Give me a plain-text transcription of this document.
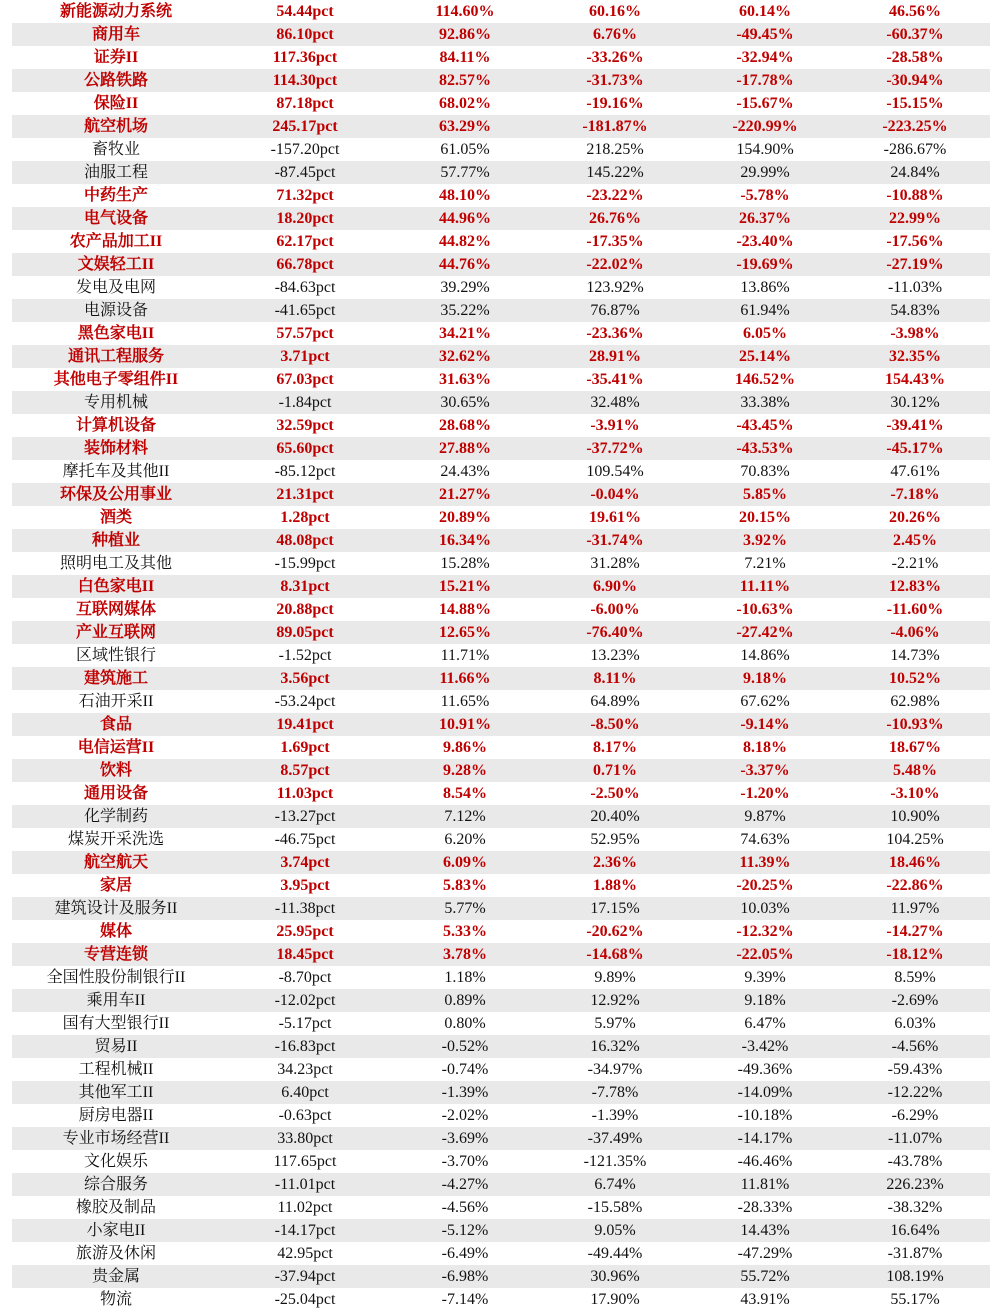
新能源动力系统	54.44pct	114.60%	60.16%	60.14%	46.56%
商用车	86.10pct	92.86%	6.76%	-49.45%	-60.37%
证券II	117.36pct	84.11%	-33.26%	-32.94%	-28.58%
公路铁路	114.30pct	82.57%	-31.73%	-17.78%	-30.94%
保险II	87.18pct	68.02%	-19.16%	-15.67%	-15.15%
航空机场	245.17pct	63.29%	-181.87%	-220.99%	-223.25%
畜牧业	-157.20pct	61.05%	218.25%	154.90%	-286.67%
油服工程	-87.45pct	57.77%	145.22%	29.99%	24.84%
中药生产	71.32pct	48.10%	-23.22%	-5.78%	-10.88%
电气设备	18.20pct	44.96%	26.76%	26.37%	22.99%
农产品加工II	62.17pct	44.82%	-17.35%	-23.40%	-17.56%
文娱轻工II	66.78pct	44.76%	-22.02%	-19.69%	-27.19%
发电及电网	-84.63pct	39.29%	123.92%	13.86%	-11.03%
电源设备	-41.65pct	35.22%	76.87%	61.94%	54.83%
黑色家电II	57.57pct	34.21%	-23.36%	6.05%	-3.98%
通讯工程服务	3.71pct	32.62%	28.91%	25.14%	32.35%
其他电子零组件II	67.03pct	31.63%	-35.41%	146.52%	154.43%
专用机械	-1.84pct	30.65%	32.48%	33.38%	30.12%
计算机设备	32.59pct	28.68%	-3.91%	-43.45%	-39.41%
装饰材料	65.60pct	27.88%	-37.72%	-43.53%	-45.17%
摩托车及其他II	-85.12pct	24.43%	109.54%	70.83%	47.61%
环保及公用事业	21.31pct	21.27%	-0.04%	5.85%	-7.18%
酒类	1.28pct	20.89%	19.61%	20.15%	20.26%
种植业	48.08pct	16.34%	-31.74%	3.92%	2.45%
照明电工及其他	-15.99pct	15.28%	31.28%	7.21%	-2.21%
白色家电II	8.31pct	15.21%	6.90%	11.11%	12.83%
互联网媒体	20.88pct	14.88%	-6.00%	-10.63%	-11.60%
产业互联网	89.05pct	12.65%	-76.40%	-27.42%	-4.06%
区域性银行	-1.52pct	11.71%	13.23%	14.86%	14.73%
建筑施工	3.56pct	11.66%	8.11%	9.18%	10.52%
石油开采II	-53.24pct	11.65%	64.89%	67.62%	62.98%
食品	19.41pct	10.91%	-8.50%	-9.14%	-10.93%
电信运营II	1.69pct	9.86%	8.17%	8.18%	18.67%
饮料	8.57pct	9.28%	0.71%	-3.37%	5.48%
通用设备	11.03pct	8.54%	-2.50%	-1.20%	-3.10%
化学制药	-13.27pct	7.12%	20.40%	9.87%	10.90%
煤炭开采洗选	-46.75pct	6.20%	52.95%	74.63%	104.25%
航空航天	3.74pct	6.09%	2.36%	11.39%	18.46%
家居	3.95pct	5.83%	1.88%	-20.25%	-22.86%
建筑设计及服务II	-11.38pct	5.77%	17.15%	10.03%	11.97%
媒体	25.95pct	5.33%	-20.62%	-12.32%	-14.27%
专营连锁	18.45pct	3.78%	-14.68%	-22.05%	-18.12%
全国性股份制银行II	-8.70pct	1.18%	9.89%	9.39%	8.59%
乘用车II	-12.02pct	0.89%	12.92%	9.18%	-2.69%
国有大型银行II	-5.17pct	0.80%	5.97%	6.47%	6.03%
贸易II	-16.83pct	-0.52%	16.32%	-3.42%	-4.56%
工程机械II	34.23pct	-0.74%	-34.97%	-49.36%	-59.43%
其他军工II	6.40pct	-1.39%	-7.78%	-14.09%	-12.22%
厨房电器II	-0.63pct	-2.02%	-1.39%	-10.18%	-6.29%
专业市场经营II	33.80pct	-3.69%	-37.49%	-14.17%	-11.07%
文化娱乐	117.65pct	-3.70%	-121.35%	-46.46%	-43.78%
综合服务	-11.01pct	-4.27%	6.74%	11.81%	226.23%
橡胶及制品	11.02pct	-4.56%	-15.58%	-28.33%	-38.32%
小家电II	-14.17pct	-5.12%	9.05%	14.43%	16.64%
旅游及休闲	42.95pct	-6.49%	-49.44%	-47.29%	-31.87%
贵金属	-37.94pct	-6.98%	30.96%	55.72%	108.19%
物流	-25.04pct	-7.14%	17.90%	43.91%	55.17%
